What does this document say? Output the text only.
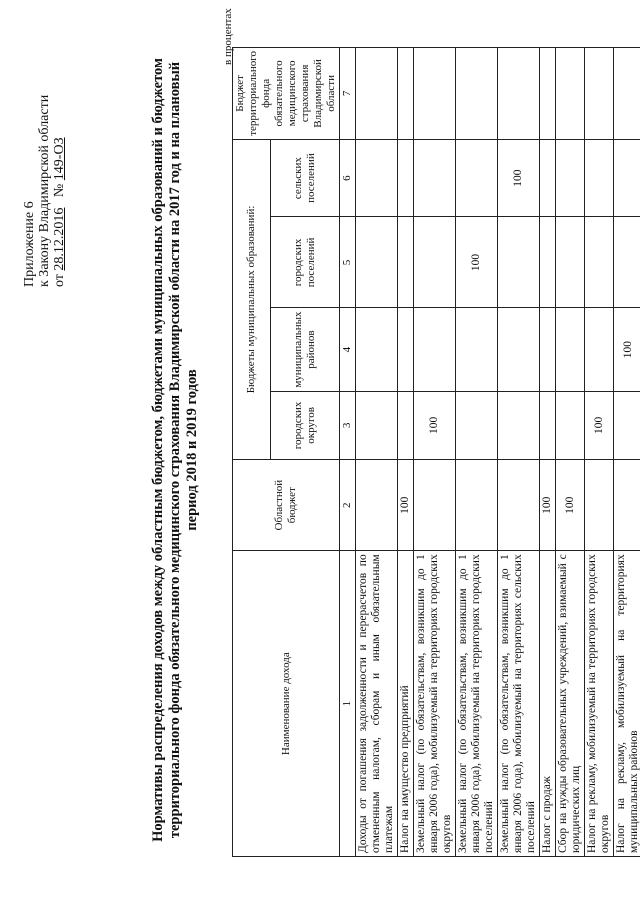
Приложение 6 к Закону Владимирской области от 28.12.2016   № 149-ОЗ	Нормативы распределения доходов между областным бюджетом, бюджетами муниципальных образований и бюджетом территориального фонда обязательного медицинского страхования Владимирской области на 2017 год и на плановый период 2018 и 2019 годов
в процентах
Наименование дохода	Областной бюджет	Бюджеты муниципальных образований:				Бюджет территориального фонда обязательного медицинского страхования Владимирской области
		городских округов	муниципальных районов	городских поселений	сельских поселений	
1	2	3	4	5	6	7
Доходы от погашения задолженности и перерасчетов по отмененным налогам, сборам и иным обязательным платежам						
Налог на имущество предприятий	100					
Земельный налог (по обязательствам, возникшим до 1 января 2006 года), мобилизуемый на территориях городских округов		100				
Земельный налог (по обязательствам, возникшим до 1 января 2006 года), мобилизуемый на территориях городских поселений				100		
Земельный налог (по обязательствам, возникшим до 1 января 2006 года), мобилизуемый на территориях сельских поселений					100	
Налог с продаж	100					
Сбор на нужды образовательных учреждений, взимаемый с юридических лиц	100					
Налог на рекламу, мобилизуемый на территориях городских округов		100				
Налог на рекламу, мобилизуемый на территориях муниципальных районов			100			
